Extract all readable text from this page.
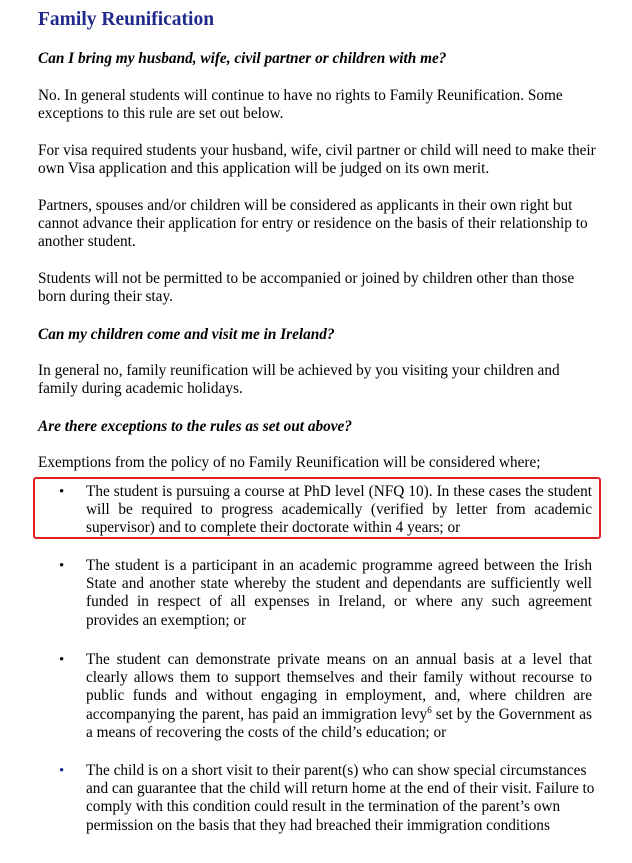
Family Reunification

Can I bring my husband, wife, civil partner or children with me?

No. In general students will continue to have no rights to Family Reunification. Some exceptions to this rule are set out below.

For visa required students your husband, wife, civil partner or child will need to make their own Visa application and this application will be judged on its own merit.

Partners, spouses and/or children will be considered as applicants in their own right but cannot advance their application for entry or residence on the basis of their relationship to another student.

Students will not be permitted to be accompanied or joined by children other than those born during their stay.

Can my children come and visit me in Ireland?

In general no, family reunification will be achieved by you visiting your children and family during academic holidays.

Are there exceptions to the rules as set out above?

Exemptions from the policy of no Family Reunification will be considered where;

• The student is pursuing a course at PhD level (NFQ 10). In these cases the student will be required to progress academically (verified by letter from academic supervisor) and to complete their doctorate within 4 years; or

• The student is a participant in an academic programme agreed between the Irish State and another state whereby the student and dependants are sufficiently well funded in respect of all expenses in Ireland, or where any such agreement provides an exemption; or

• The student can demonstrate private means on an annual basis at a level that clearly allows them to support themselves and their family without recourse to public funds and without engaging in employment, and, where children are accompanying the parent, has paid an immigration levy$^6$ set by the Government as a means of recovering the costs of the child’s education; or

• The child is on a short visit to their parent(s) who can show special circumstances and can guarantee that the child will return home at the end of their visit. Failure to comply with this condition could result in the termination of the parent’s own permission on the basis that they had breached their immigration conditions
